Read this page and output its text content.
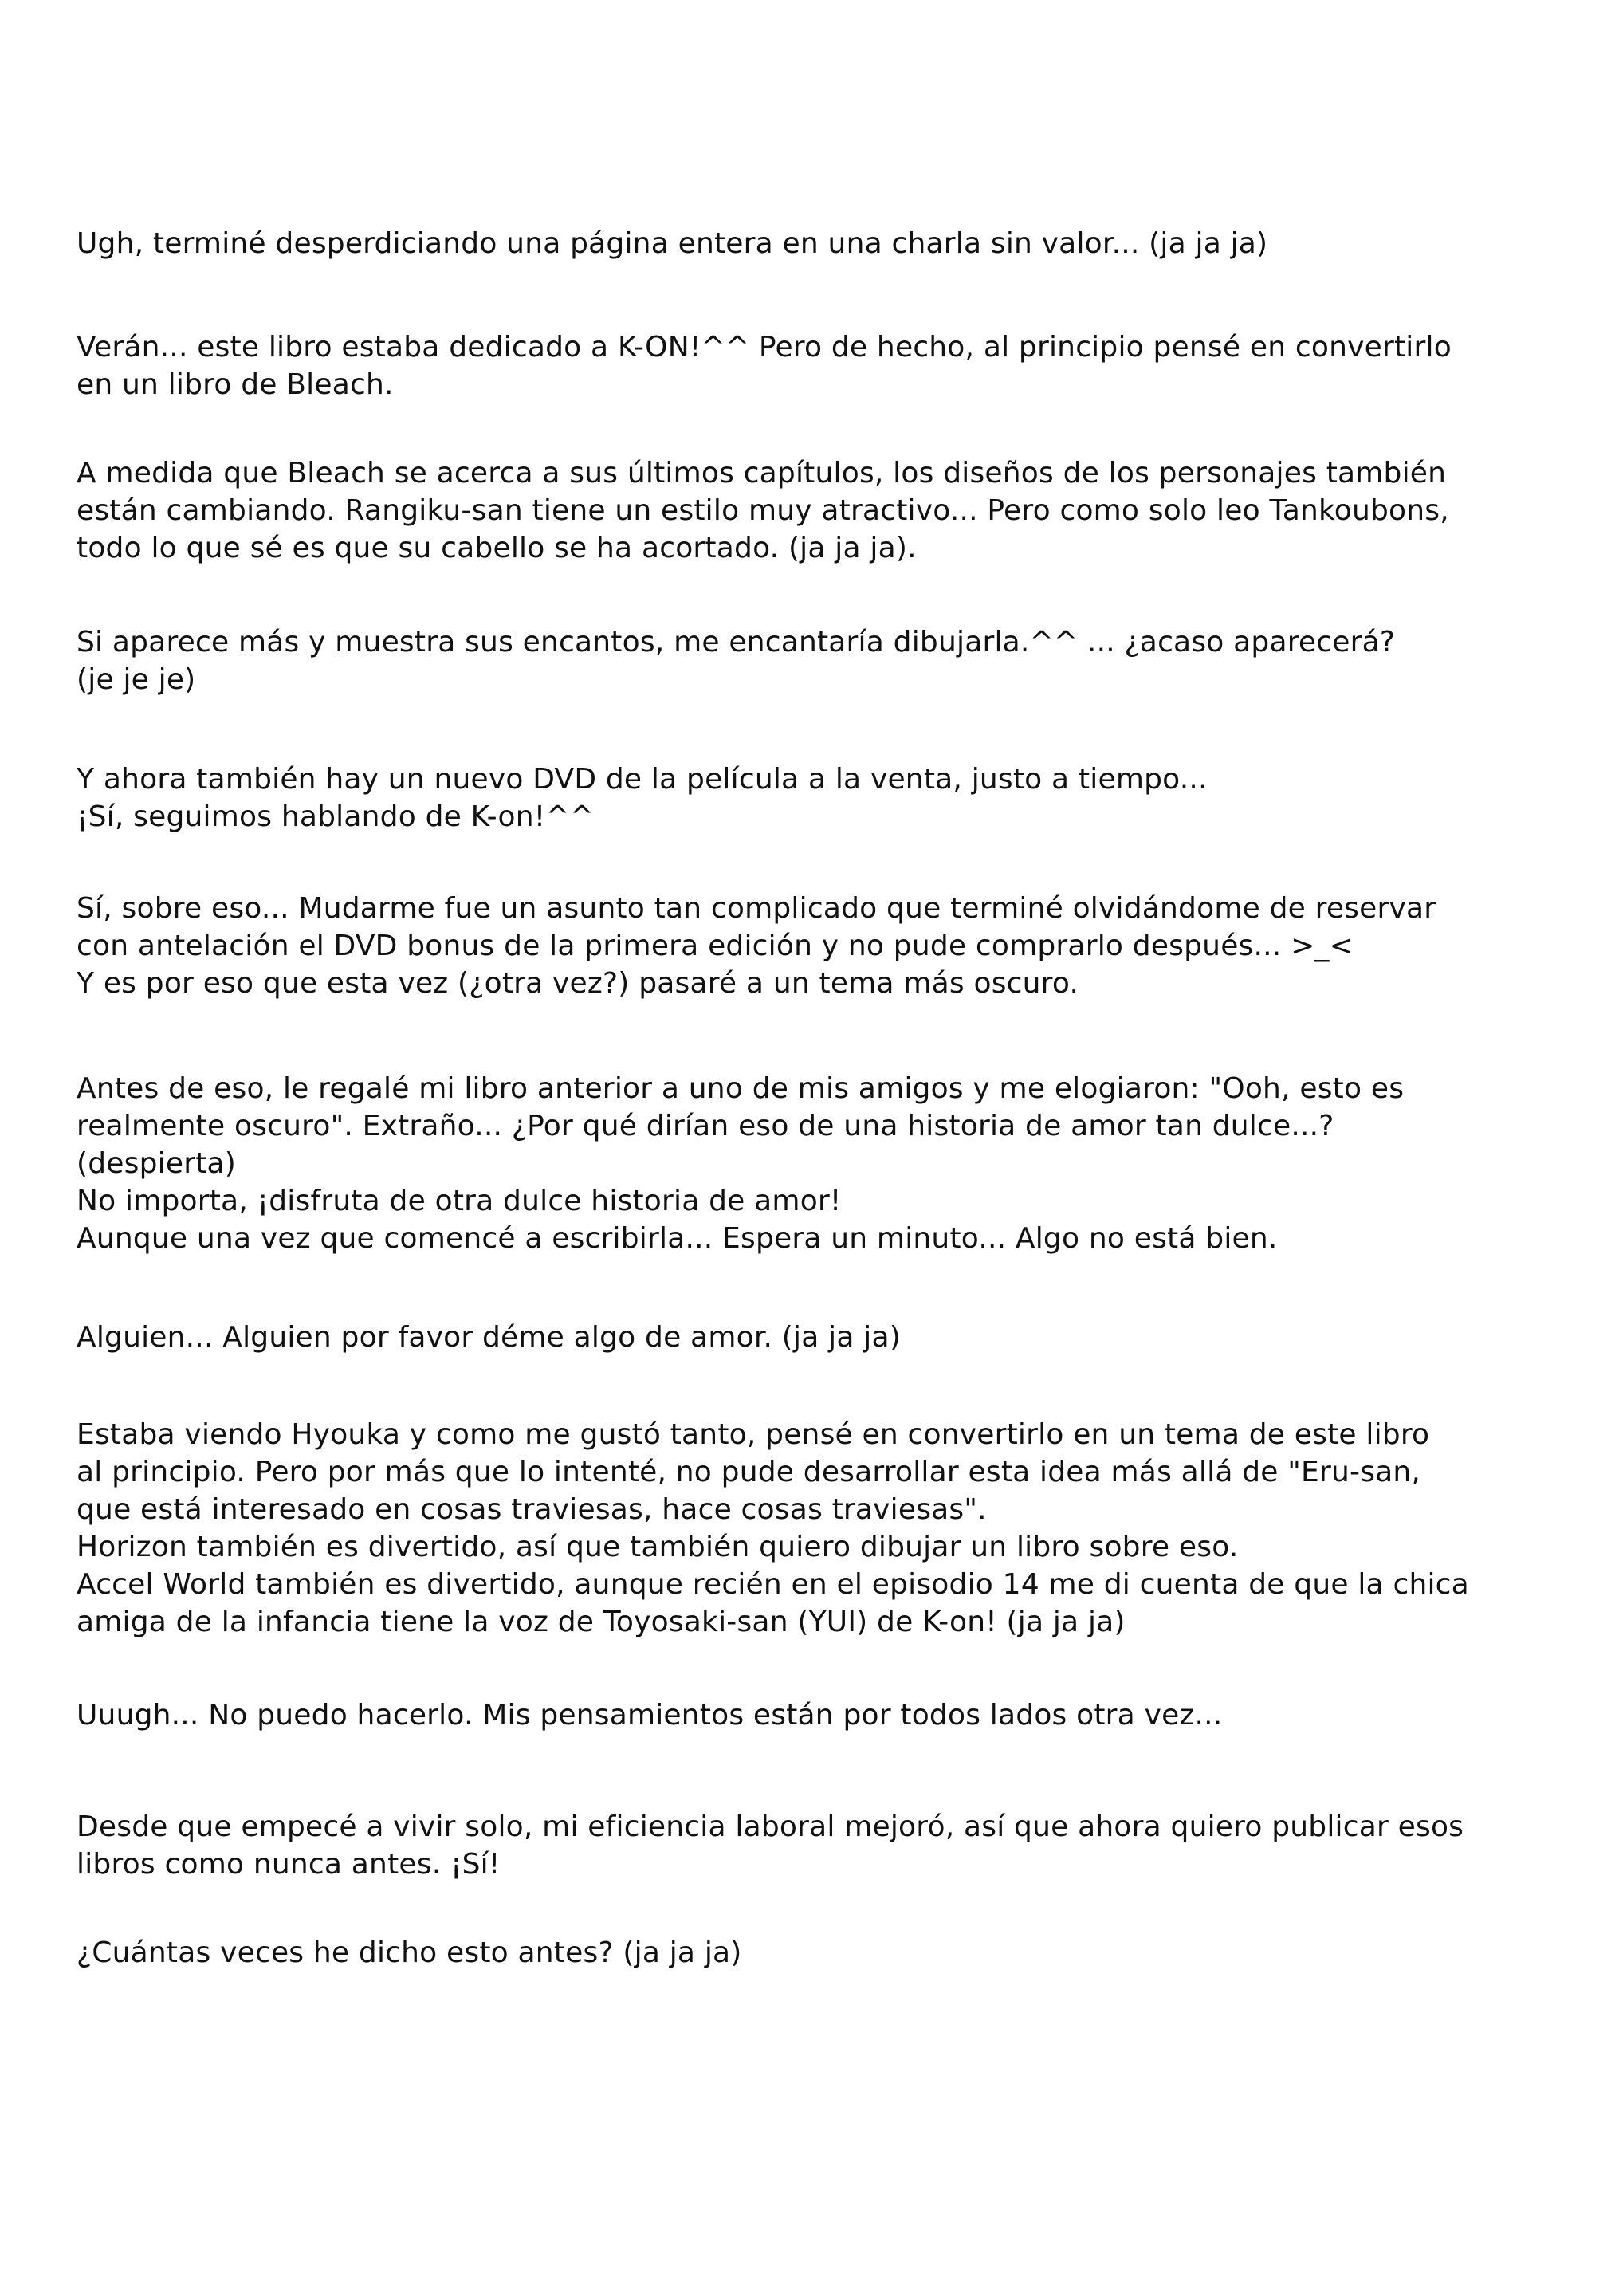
Ugh, terminé desperdiciando una página entera en una charla sin valor... (ja ja ja)
Verán... este libro estaba dedicado a K-ON!^^ Pero de hecho, al principio pensé en convertirlo
en un libro de Bleach.
A medida que Bleach se acerca a sus últimos capítulos, los diseños de los personajes también
están cambiando. Rangiku-san tiene un estilo muy atractivo... Pero como solo leo Tankoubons,
todo lo que sé es que su cabello se ha acortado. (ja ja ja).
Si aparece más y muestra sus encantos, me encantaría dibujarla.^^ ... ¿acaso aparecerá?
(je je je)
Y ahora también hay un nuevo DVD de la película a la venta, justo a tiempo...
¡Sí, seguimos hablando de K-on!^^
Sí, sobre eso... Mudarme fue un asunto tan complicado que terminé olvidándome de reservar
con antelación el DVD bonus de la primera edición y no pude comprarlo después... >_<
Y es por eso que esta vez (¿otra vez?) pasaré a un tema más oscuro.
Antes de eso, le regalé mi libro anterior a uno de mis amigos y me elogiaron: "Ooh, esto es
realmente oscuro". Extraño... ¿Por qué dirían eso de una historia de amor tan dulce...?
(despierta)
No importa, ¡disfruta de otra dulce historia de amor!
Aunque una vez que comencé a escribirla... Espera un minuto... Algo no está bien.
Alguien... Alguien por favor déme algo de amor. (ja ja ja)
Estaba viendo Hyouka y como me gustó tanto, pensé en convertirlo en un tema de este libro
al principio. Pero por más que lo intenté, no pude desarrollar esta idea más allá de "Eru-san,
que está interesado en cosas traviesas, hace cosas traviesas".
Horizon también es divertido, así que también quiero dibujar un libro sobre eso.
Accel World también es divertido, aunque recién en el episodio 14 me di cuenta de que la chica
amiga de la infancia tiene la voz de Toyosaki-san (YUI) de K-on! (ja ja ja)
Uuugh... No puedo hacerlo. Mis pensamientos están por todos lados otra vez...
Desde que empecé a vivir solo, mi eficiencia laboral mejoró, así que ahora quiero publicar esos
libros como nunca antes. ¡Sí!
¿Cuántas veces he dicho esto antes? (ja ja ja)
